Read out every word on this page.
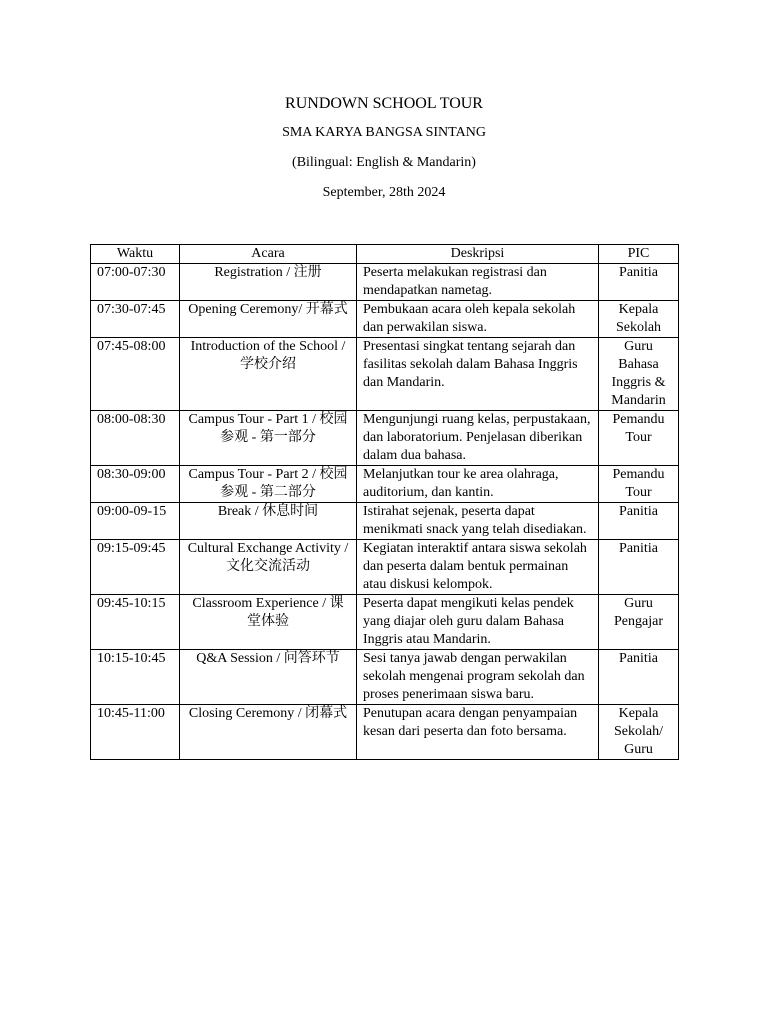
RUNDOWN SCHOOL TOUR
SMA KARYA BANGSA SINTANG
(Bilingual: English & Mandarin)
September, 28th 2024
Waktu	Acara	Deskripsi	PIC
07:00-07:30	Registration / 注册	Peserta melakukan registrasi dan mendapatkan nametag.	Panitia
07:30-07:45	Opening Ceremony/ 开幕式	Pembukaan acara oleh kepala sekolah dan perwakilan siswa.	Kepala Sekolah
07:45-08:00	Introduction of the School / 学校介绍	Presentasi singkat tentang sejarah dan fasilitas sekolah dalam Bahasa Inggris dan Mandarin.	Guru Bahasa Inggris & Mandarin
08:00-08:30	Campus Tour - Part 1 / 校园参观 - 第一部分	Mengunjungi ruang kelas, perpustakaan, dan laboratorium. Penjelasan diberikan dalam dua bahasa.	Pemandu Tour
08:30-09:00	Campus Tour - Part 2 / 校园参观 - 第二部分	Melanjutkan tour ke area olahraga, auditorium, dan kantin.	Pemandu Tour
09:00-09-15	Break / 休息时间	Istirahat sejenak, peserta dapat menikmati snack yang telah disediakan.	Panitia
09:15-09:45	Cultural Exchange Activity / 文化交流活动	Kegiatan interaktif antara siswa sekolah dan peserta dalam bentuk permainan atau diskusi kelompok.	Panitia
09:45-10:15	Classroom Experience / 课堂体验	Peserta dapat mengikuti kelas pendek yang diajar oleh guru dalam Bahasa Inggris atau Mandarin.	Guru Pengajar
10:15-10:45	Q&A Session / 问答环节	Sesi tanya jawab dengan perwakilan sekolah mengenai program sekolah dan proses penerimaan siswa baru.	Panitia
10:45-11:00	Closing Ceremony / 闭幕式	Penutupan acara dengan penyampaian kesan dari peserta dan foto bersama.	Kepala Sekolah/ Guru
